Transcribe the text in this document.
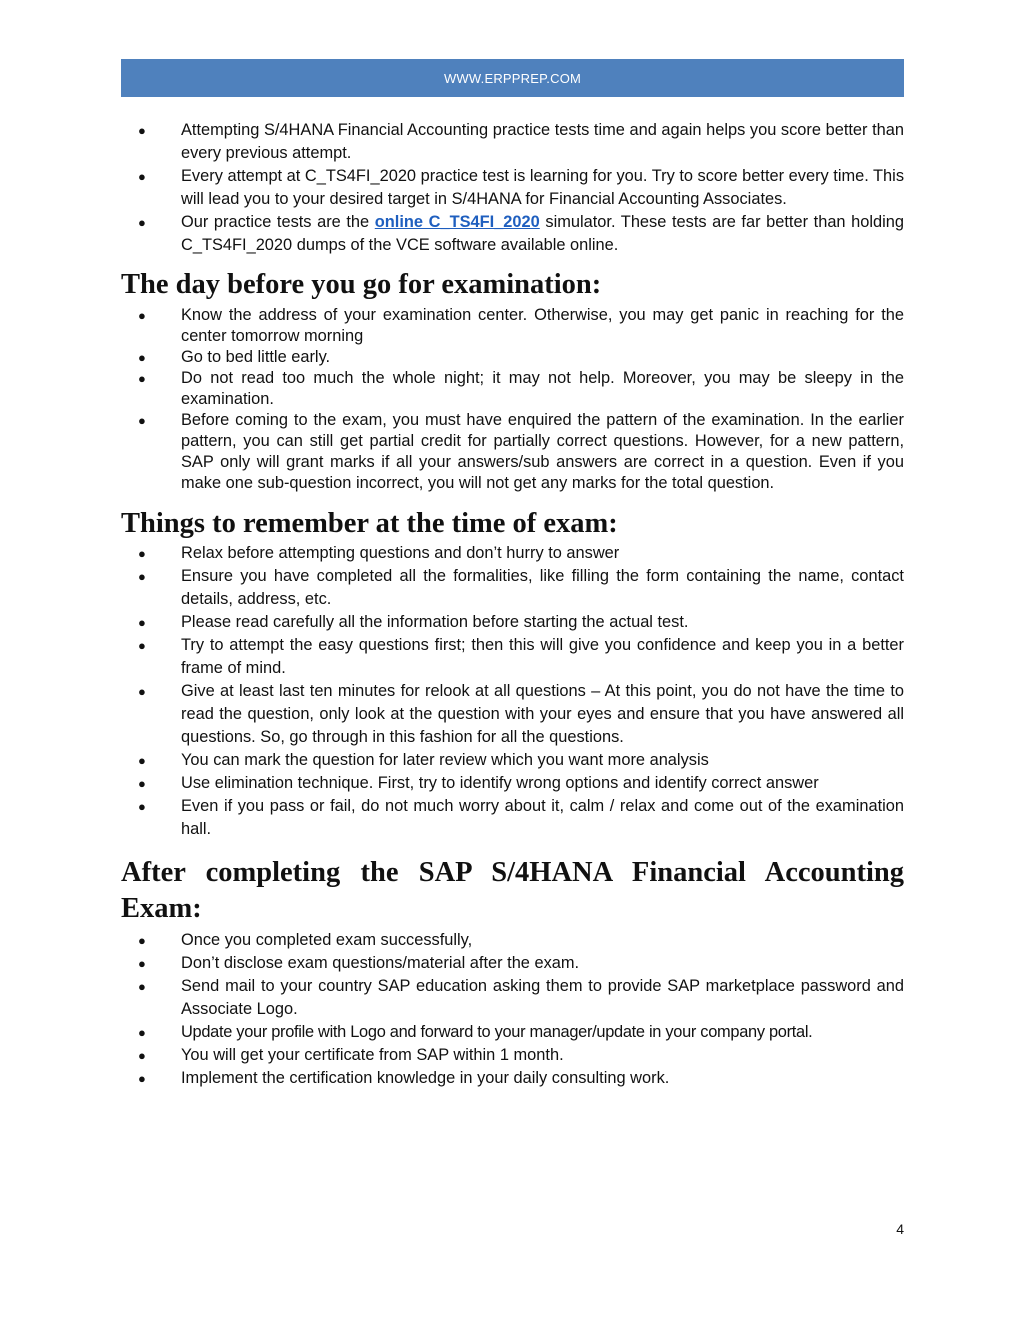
WWW.ERPPREP.COM
● Attempting S/4HANA Financial Accounting practice tests time and again helps you score better than every previous attempt.
● Every attempt at C_TS4FI_2020 practice test is learning for you. Try to score better every time. This will lead you to your desired target in S/4HANA for Financial Accounting Associates.
● Our practice tests are the online C_TS4FI_2020 simulator. These tests are far better than holding C_TS4FI_2020 dumps of the VCE software available online.
The day before you go for examination:
● Know the address of your examination center. Otherwise, you may get panic in reaching for the center tomorrow morning
● Go to bed little early.
● Do not read too much the whole night; it may not help. Moreover, you may be sleepy in the examination.
● Before coming to the exam, you must have enquired the pattern of the examination. In the earlier pattern, you can still get partial credit for partially correct questions. However, for a new pattern, SAP only will grant marks if all your answers/sub answers are correct in a question. Even if you make one sub-question incorrect, you will not get any marks for the total question.
Things to remember at the time of exam:
● Relax before attempting questions and don’t hurry to answer
● Ensure you have completed all the formalities, like filling the form containing the name, contact details, address, etc.
● Please read carefully all the information before starting the actual test.
● Try to attempt the easy questions first; then this will give you confidence and keep you in a better frame of mind.
● Give at least last ten minutes for relook at all questions – At this point, you do not have the time to read the question, only look at the question with your eyes and ensure that you have answered all questions. So, go through in this fashion for all the questions.
● You can mark the question for later review which you want more analysis
● Use elimination technique. First, try to identify wrong options and identify correct answer
● Even if you pass or fail, do not much worry about it, calm / relax and come out of the examination hall.
After completing the SAP S/4HANA Financial Accounting Exam:
● Once you completed exam successfully,
● Don’t disclose exam questions/material after the exam.
● Send mail to your country SAP education asking them to provide SAP marketplace password and Associate Logo.
● Update your profile with Logo and forward to your manager/update in your company portal.
● You will get your certificate from SAP within 1 month.
● Implement the certification knowledge in your daily consulting work.
4
